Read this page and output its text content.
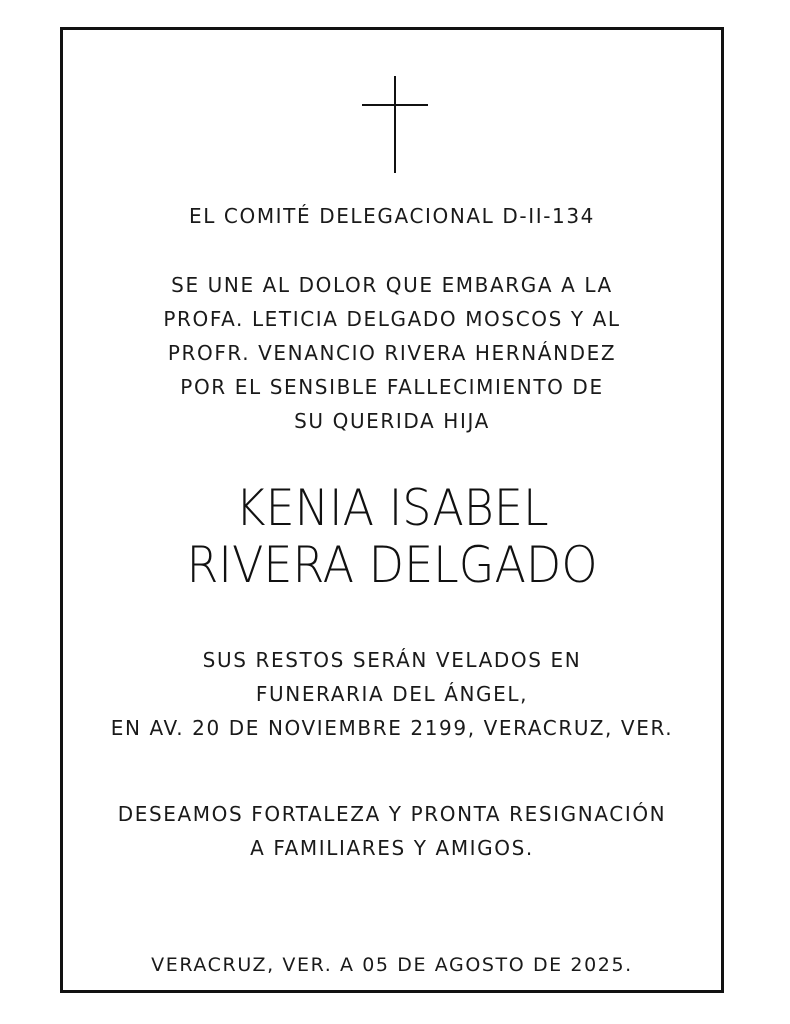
EL COMITÉ DELEGACIONAL D-II-134

SE UNE AL DOLOR QUE EMBARGA A LA
PROFA. LETICIA DELGADO MOSCOS Y AL
PROFR. VENANCIO RIVERA HERNÁNDEZ
POR EL SENSIBLE FALLECIMIENTO DE
SU QUERIDA HIJA

KENIA ISABEL
RIVERA DELGADO

SUS RESTOS SERÁN VELADOS EN
FUNERARIA DEL ÁNGEL,
EN AV. 20 DE NOVIEMBRE 2199, VERACRUZ, VER.

DESEAMOS FORTALEZA Y PRONTA RESIGNACIÓN
A FAMILIARES Y AMIGOS.

VERACRUZ, VER. A 05 DE AGOSTO DE 2025.
